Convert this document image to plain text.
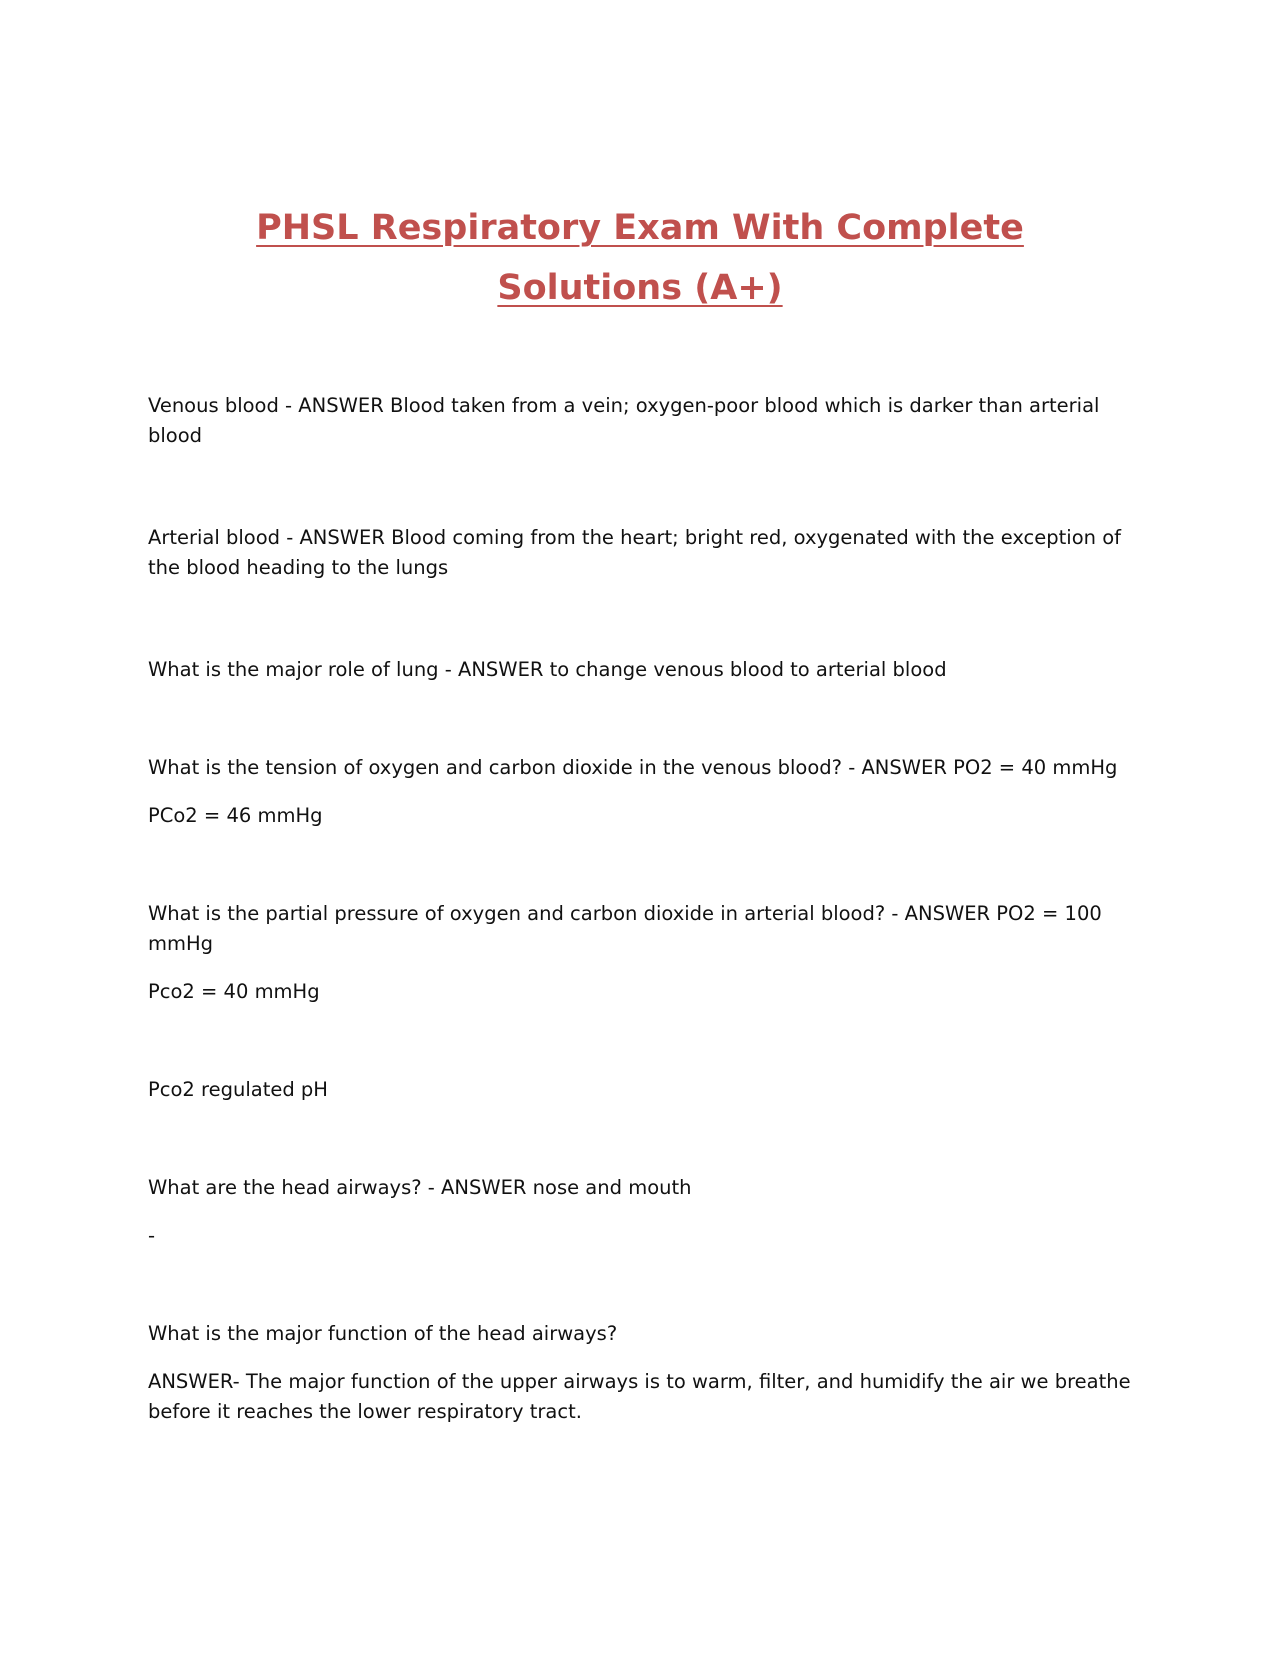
PHSL Respiratory Exam With Complete
Solutions (A+)

Venous blood - ANSWER Blood taken from a vein; oxygen-poor blood which is darker than arterial blood

Arterial blood - ANSWER Blood coming from the heart; bright red, oxygenated with the exception of the blood heading to the lungs

What is the major role of lung - ANSWER to change venous blood to arterial blood

What is the tension of oxygen and carbon dioxide in the venous blood? - ANSWER PO2 = 40 mmHg

PCo2 = 46 mmHg

What is the partial pressure of oxygen and carbon dioxide in arterial blood? - ANSWER PO2 = 100 mmHg

Pco2 = 40 mmHg

Pco2 regulated pH

What are the head airways? - ANSWER nose and mouth

-

What is the major function of the head airways?

ANSWER- The major function of the upper airways is to warm, filter, and humidify the air we breathe before it reaches the lower respiratory tract.
